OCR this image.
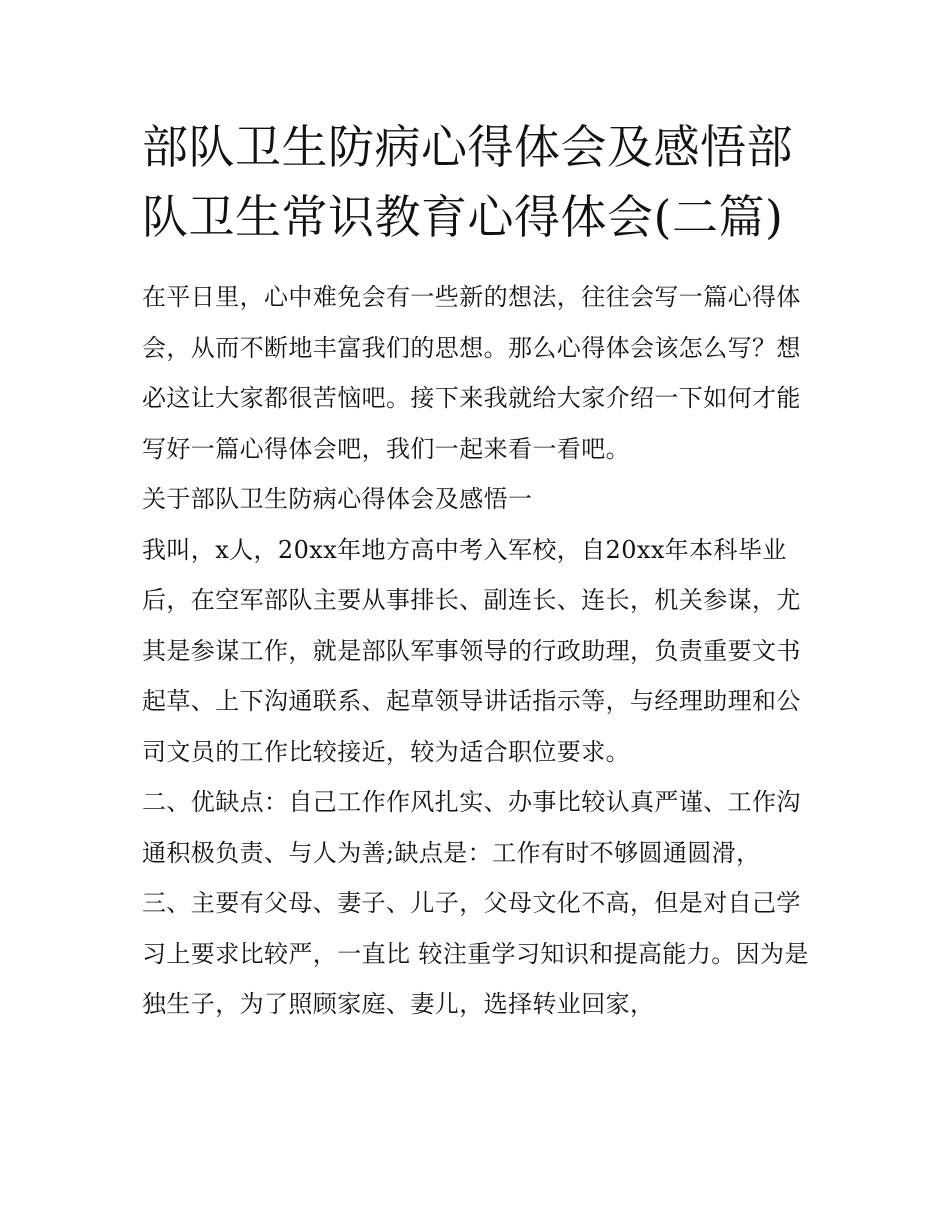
部队卫生防病心得体会及感悟部队卫生常识教育心得体会(二篇)

在平日里，心中难免会有一些新的想法，往往会写一篇心得体会，从而不断地丰富我们的思想。那么心得体会该怎么写？想必这让大家都很苦恼吧。接下来我就给大家介绍一下如何才能写好一篇心得体会吧，我们一起来看一看吧。

关于部队卫生防病心得体会及感悟一

我叫，x人，20xx年地方高中考入军校，自20xx年本科毕业后，在空军部队主要从事排长、副连长、连长，机关参谋，尤其是参谋工作，就是部队军事领导的行政助理，负责重要文书起草、上下沟通联系、起草领导讲话指示等，与经理助理和公司文员的工作比较接近，较为适合职位要求。

二、优缺点：自己工作作风扎实、办事比较认真严谨、工作沟通积极负责、与人为善;缺点是：工作有时不够圆通圆滑，

三、主要有父母、妻子、儿子，父母文化不高，但是对自己学习上要求比较严，一直比 较注重学习知识和提高能力。因为是独生子，为了照顾家庭、妻儿，选择转业回家，
